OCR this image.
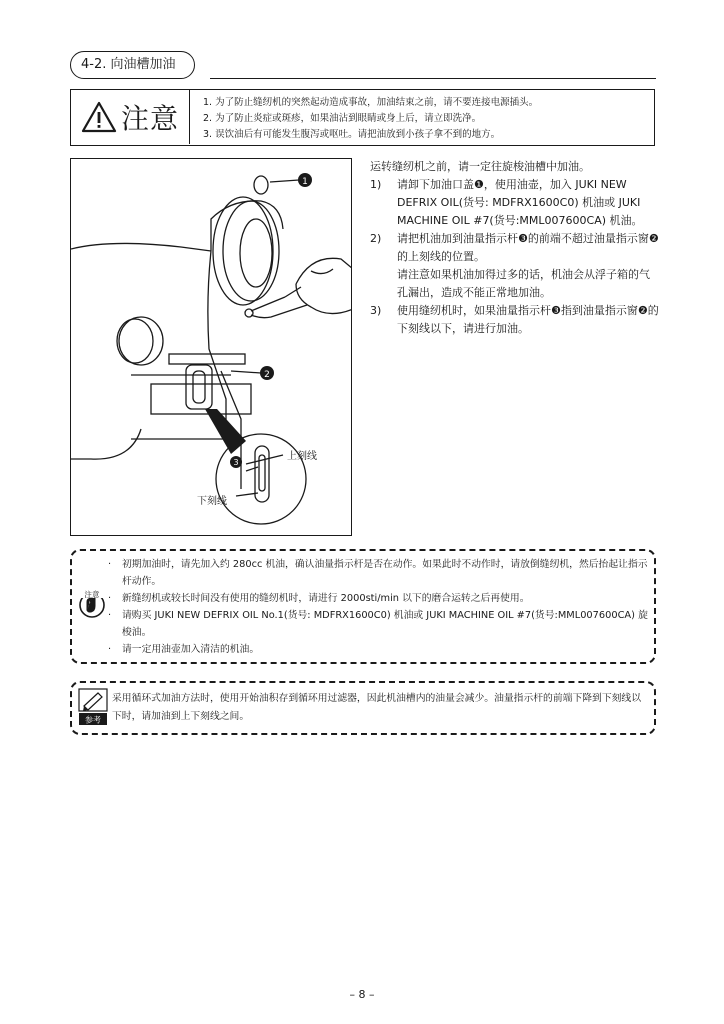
4-2. 向油槽加油
注意	1. 为了防止缝纫机的突然起动造成事故，加油结束之前，请不要连接电源插头。
2. 为了防止炎症或斑疹，如果油沾到眼睛或身上后，请立即洗净。
3. 误饮油后有可能发生腹泻或呕吐。请把油放到小孩子拿不到的地方。
1
2
3
上刻线
下刻线

运转缝纫机之前，请一定往旋梭油槽中加油。

1)	请卸下加油口盖❶，使用油壶，加入 JUKI NEW DEFRIX OIL(货号: MDFRX1600C0) 机油或 JUKI MACHINE OIL #7(货号:MML007600CA) 机油。
2)	请把机油加到油量指示杆❸的前端不超过油量指示窗❷的上刻线的位置。
请注意如果机油加得过多的话，机油会从浮子箱的气孔漏出，造成不能正常地加油。
3)	使用缝纫机时，如果油量指示杆❸指到油量指示窗❷的下刻线以下，请进行加油。
注意
·	初期加油时，请先加入约 280cc 机油，确认油量指示杆是否在动作。如果此时不动作时，请放倒缝纫机，然后抬起让指示杆动作。
·	新缝纫机或较长时间没有使用的缝纫机时，请进行 2000sti/min 以下的磨合运转之后再使用。
·	请购买 JUKI NEW DEFRIX OIL No.1(货号: MDFRX1600C0) 机油或 JUKI MACHINE OIL #7(货号:MML007600CA) 旋梭油。
·	请一定用油壶加入清洁的机油。
参考
采用循环式加油方法时，使用开始油积存到循环用过滤器，因此机油槽内的油量会减少。油量指示杆的前端下降到下刻线以下时，请加油到上下刻线之间。
– 8 –
